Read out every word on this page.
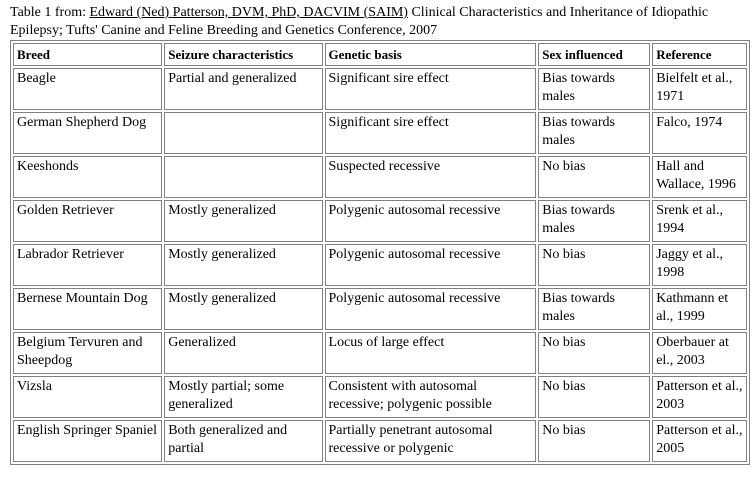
Table 1 from: Edward (Ned) Patterson, DVM, PhD, DACVIM (SAIM) Clinical Characteristics and Inheritance of Idiopathic Epilepsy; Tufts' Canine and Feline Breeding and Genetics Conference, 2007
Breed	Seizure characteristics	Genetic basis	Sex influenced	Reference
Beagle	Partial and generalized	Significant sire effect	Bias towards males	Bielfelt et al., 1971
German Shepherd Dog		Significant sire effect	Bias towards males	Falco, 1974
Keeshonds		Suspected recessive	No bias	Hall and Wallace, 1996
Golden Retriever	Mostly generalized	Polygenic autosomal recessive	Bias towards males	Srenk et al., 1994
Labrador Retriever	Mostly generalized	Polygenic autosomal recessive	No bias	Jaggy et al., 1998
Bernese Mountain Dog	Mostly generalized	Polygenic autosomal recessive	Bias towards males	Kathmann et al., 1999
Belgium Tervuren and Sheepdog	Generalized	Locus of large effect	No bias	Oberbauer at el., 2003
Vizsla	Mostly partial; some generalized	Consistent with autosomal recessive; polygenic possible	No bias	Patterson et al., 2003
English Springer Spaniel	Both generalized and partial	Partially penetrant autosomal recessive or polygenic	No bias	Patterson et al., 2005
